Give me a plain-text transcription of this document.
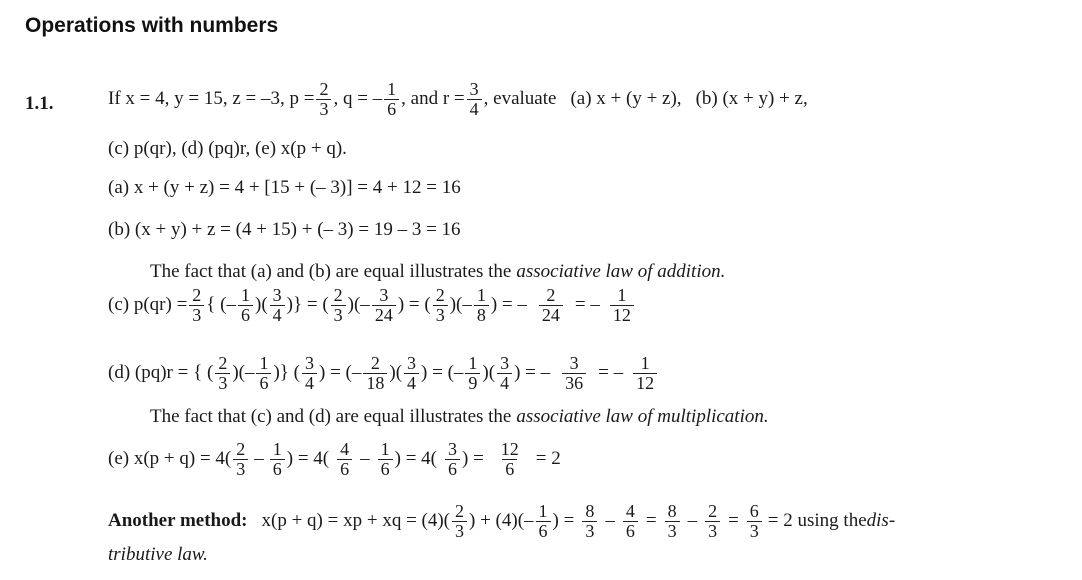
Operations with numbers
1.1.	If x = 4, y = 15, z = –3, $p = \frac{2}{3}$ , q = – $\frac{1}{6}$ , and $r = \frac{3}{4}$ , evaluate (a) x + (y + z), (b) (x + y) + z,
(c) p(qr), (d) (pq)r, (e) x(p + q).
(a) x + (y + z) = 4 + [15 + (– 3)] = 4 + 12 = 16
(b) (x + y) + z = (4 + 15) + (– 3) = 19 – 3 = 16
The fact that (a) and (b) are equal illustrates the associative law of addition.
(c) $p(qr) = \frac{2}{3}$ { (– $\frac{1}{6}$ )( $\frac{3}{4}$ )} = ( $\frac{2}{3}$ )(– $\frac{3}{24}$ ) = ( $\frac{2}{3}$ )(– $\frac{1}{8}$ ) = – $\frac{2}{24}$ = – $\frac{1}{12}$
(d) (pq)r = { ( $\frac{2}{3}$ )(– $\frac{1}{6}$ )} ( $\frac{3}{4}$ ) = (– $\frac{2}{18}$ )( $\frac{3}{4}$ ) = (– $\frac{1}{9}$ )( $\frac{3}{4}$ ) = – $\frac{3}{36}$ = – $\frac{1}{12}$
The fact that (c) and (d) are equal illustrates the associative law of multiplication.
(e) $x(p + q) = 4( \frac{2}{3} - \frac{1}{6}$ ) = $4( \frac{4}{6} - \frac{1}{6}$ ) = $4( \frac{3}{6}$ ) = $\frac{12}{6} = 2$
Another method: x(p + q) = xp + xq = $(4)( \frac{2}{3}$ ) + $(4)(- \frac{1}{6}$ ) = $\frac{8}{3} - \frac{4}{6} = \frac{8}{3} - \frac{2}{3} = \frac{6}{3} = 2$ using the dis-
tributive law.
